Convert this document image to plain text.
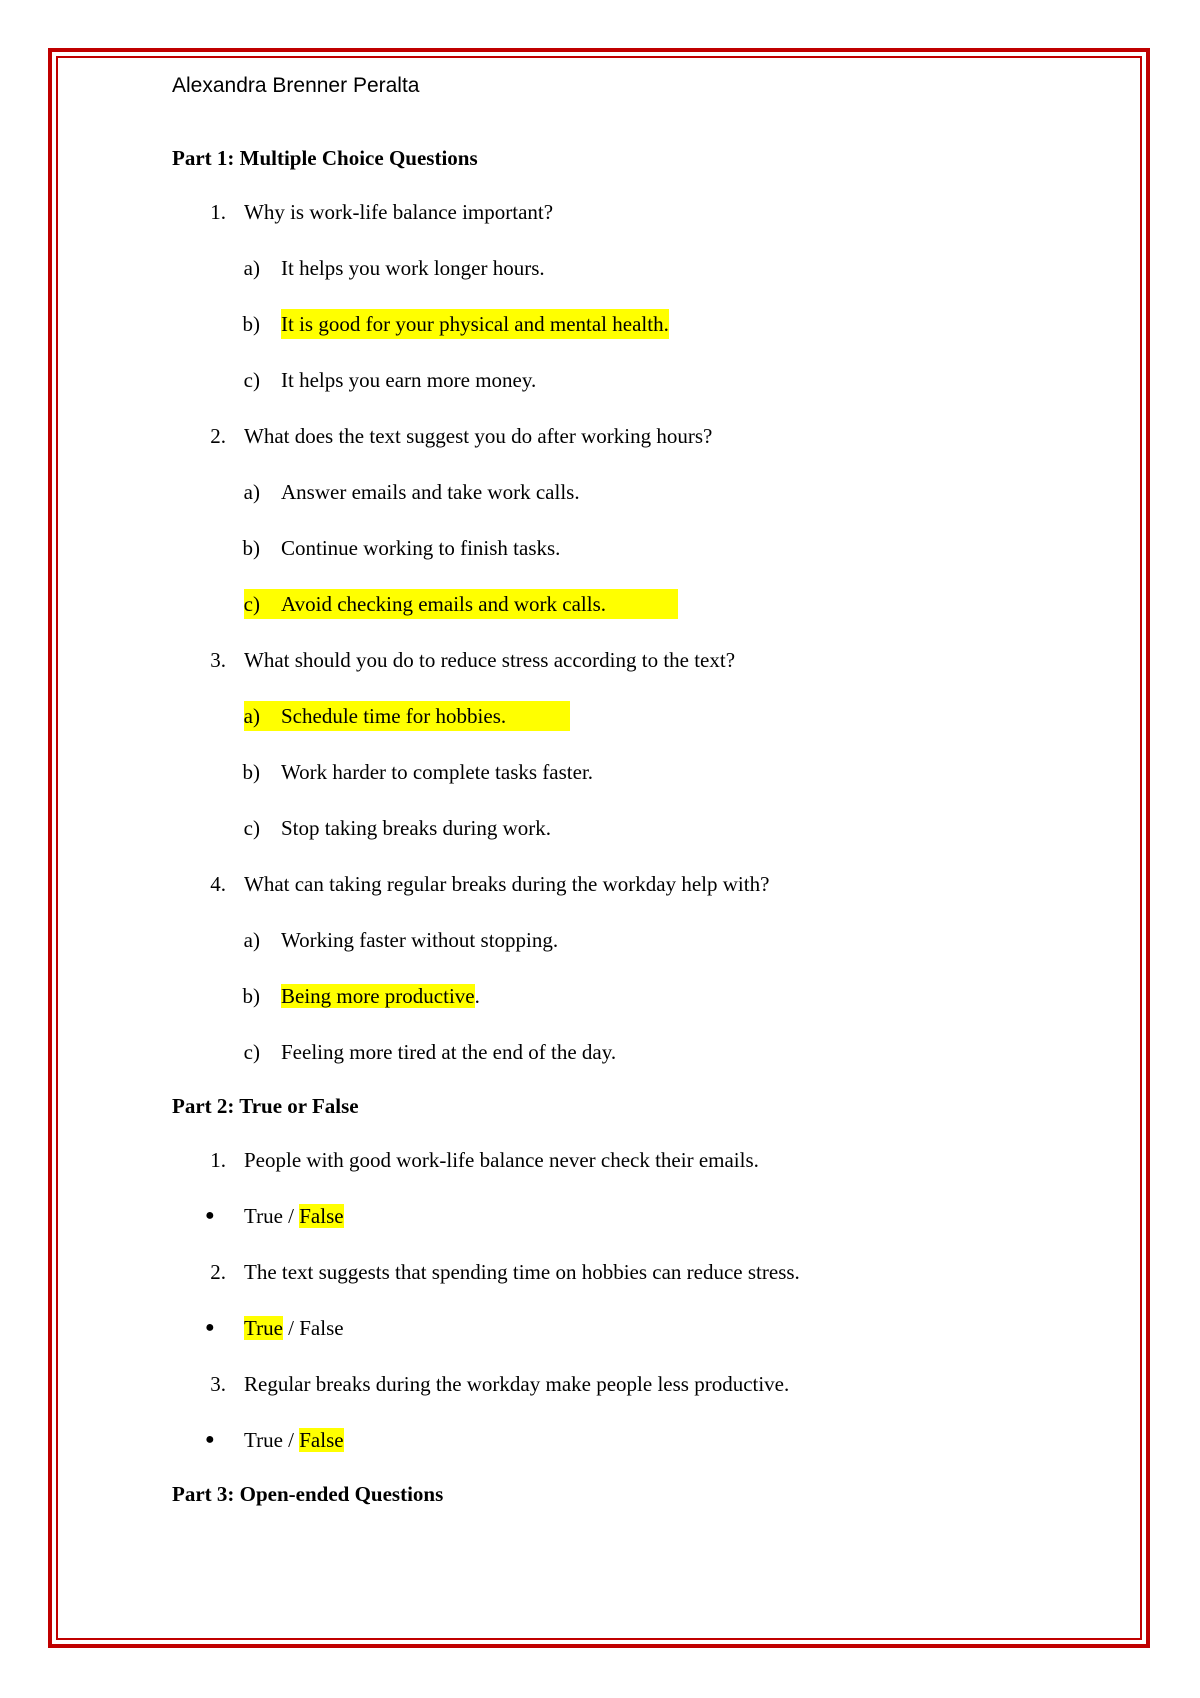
Alexandra Brenner Peralta
Part 1: Multiple Choice Questions
1. Why is work-life balance important?
a) It helps you work longer hours.
b) It is good for your physical and mental health.
c) It helps you earn more money.
2. What does the text suggest you do after working hours?
a) Answer emails and take work calls.
b) Continue working to finish tasks.
c) Avoid checking emails and work calls.
3. What should you do to reduce stress according to the text?
a) Schedule time for hobbies.
b) Work harder to complete tasks faster.
c) Stop taking breaks during work.
4. What can taking regular breaks during the workday help with?
a) Working faster without stopping.
b) Being more productive.
c) Feeling more tired at the end of the day.
Part 2: True or False
1. People with good work-life balance never check their emails.
● True / False
2. The text suggests that spending time on hobbies can reduce stress.
● True / False
3. Regular breaks during the workday make people less productive.
● True / False
Part 3: Open-ended Questions
